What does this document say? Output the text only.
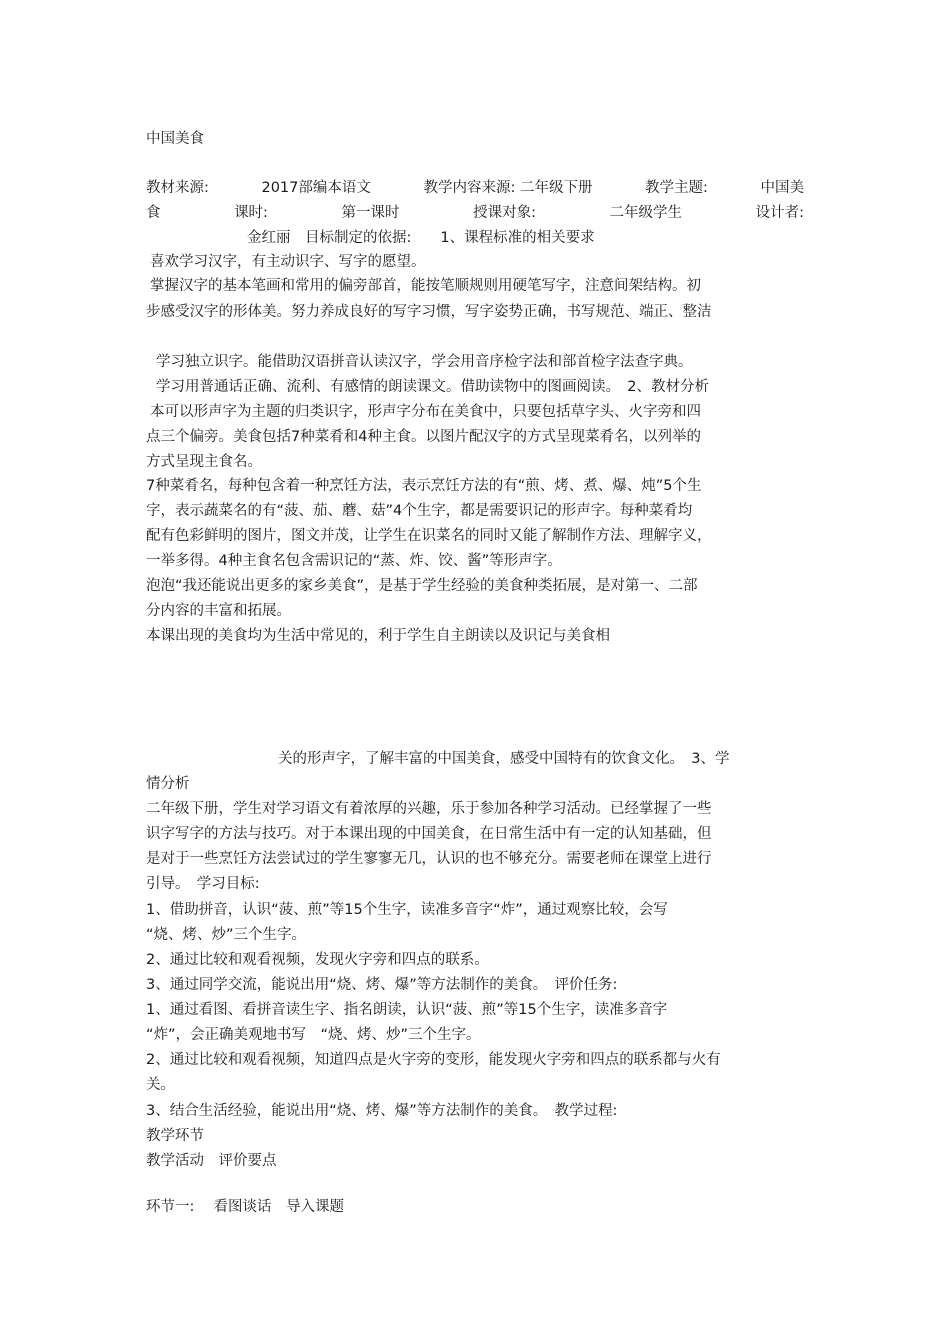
中国美食
教材来源:	2017部编本语文	教学内容来源: 二年级下册	教学主题:	中国美
食	课时:	第一课时	授课对象:	二年级学生	设计者:
金红丽　目标制定的依据:　　1、课程标准的相关要求
喜欢学习汉字，有主动识字、写字的愿望。
掌握汉字的基本笔画和常用的偏旁部首，能按笔顺规则用硬笔写字，注意间架结构。初
步感受汉字的形体美。努力养成良好的写字习惯，写字姿势正确，书写规范、端正、整洁
学习独立识字。能借助汉语拼音认读汉字，学会用音序检字法和部首检字法查字典。
学习用普通话正确、流利、有感情的朗读课文。借助读物中的图画阅读。　2、教材分析
本可以形声字为主题的归类识字，形声字分布在美食中，只要包括草字头、火字旁和四
点三个偏旁。美食包括7种菜肴和4种主食。以图片配汉字的方式呈现菜肴名，以列举的
方式呈现主食名。
7种菜肴名，每种包含着一种烹饪方法，表示烹饪方法的有“煎、烤、煮、爆、炖”5个生
字，表示蔬菜名的有“菠、茄、蘑、菇”4个生字，都是需要识记的形声字。每种菜肴均
配有色彩鲜明的图片，图文并茂，让学生在识菜名的同时又能了解制作方法、理解字义，
一举多得。4种主食名包含需识记的“蒸、炸、饺、酱”等形声字。
泡泡“我还能说出更多的家乡美食”，是基于学生经验的美食种类拓展，是对第一、二部
分内容的丰富和拓展。
本课出现的美食均为生活中常见的，利于学生自主朗读以及识记与美食相
关的形声字，了解丰富的中国美食，感受中国特有的饮食文化。　3、学
情分析
二年级下册，学生对学习语文有着浓厚的兴趣，乐于参加各种学习活动。已经掌握了一些
识字写字的方法与技巧。对于本课出现的中国美食，在日常生活中有一定的认知基础，但
是对于一些烹饪方法尝试过的学生寥寥无几，认识的也不够充分。需要老师在课堂上进行
引导。　学习目标:
1、借助拼音，认识“菠、煎”等15个生字，读准多音字“炸”，通过观察比较，会写
“烧、烤、炒”三个生字。
2、通过比较和观看视频，发现火字旁和四点的联系。
3、通过同学交流，能说出用“烧、烤、爆”等方法制作的美食。　评价任务:
1、通过看图、看拼音读生字、指名朗读，认识“菠、煎”等15个生字，读准多音字
“炸”，会正确美观地书写　“烧、烤、炒”三个生字。
2、通过比较和观看视频，知道四点是火字旁的变形，能发现火字旁和四点的联系都与火有
关。
3、结合生活经验，能说出用“烧、烤、爆”等方法制作的美食。　教学过程:
教学环节
教学活动　评价要点
环节一:　 看图谈话　导入课题
